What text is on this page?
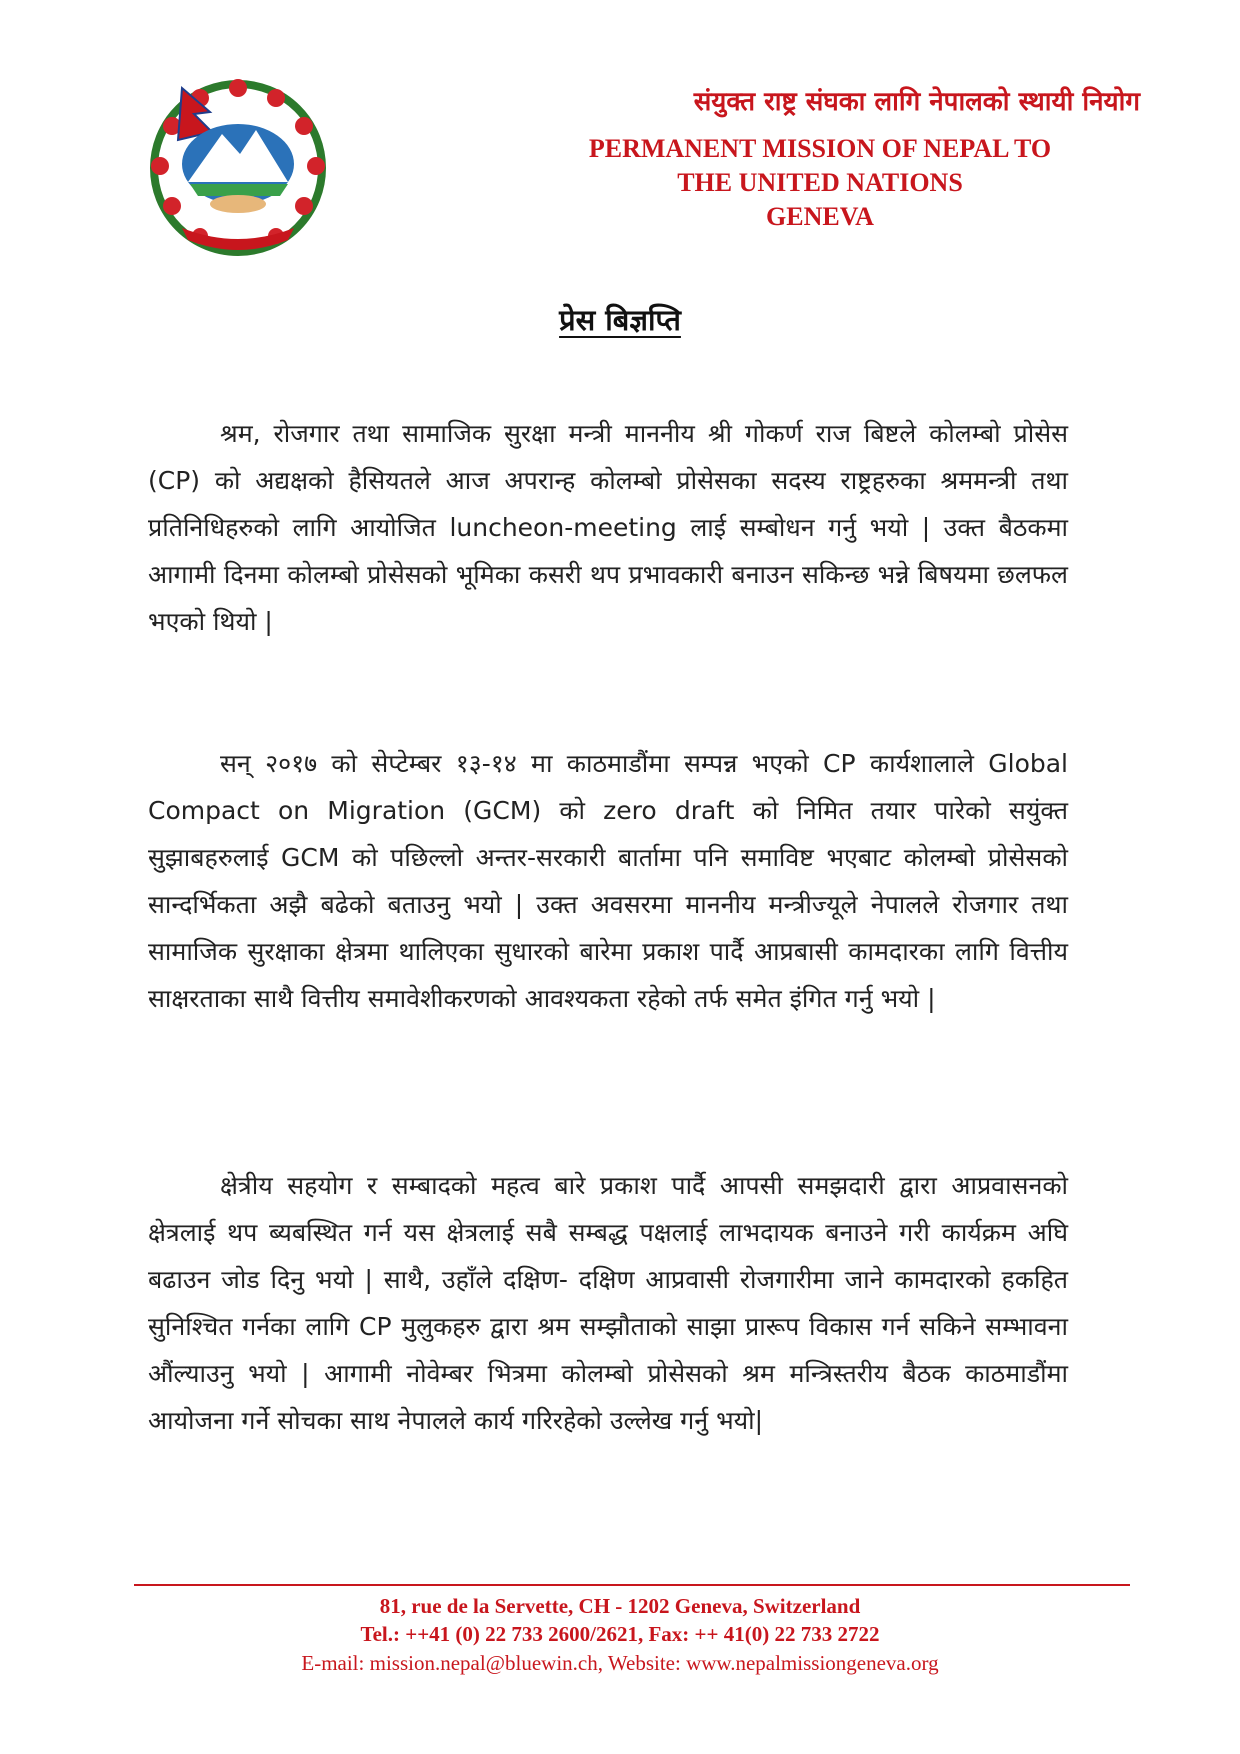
संयुक्त राष्ट्र संघका लागि नेपालको स्थायी नियोग
PERMANENT MISSION OF NEPAL TO
THE UNITED NATIONS
GENEVA
प्रेस बिज्ञप्ति

श्रम, रोजगार तथा सामाजिक सुरक्षा मन्त्री माननीय श्री गोकर्ण राज बिष्टले कोलम्बो प्रोसेस (CP) को अद्यक्षको हैसियतले आज अपरान्ह कोलम्बो प्रोसेसका सदस्य राष्ट्रहरुका श्रममन्त्री तथा प्रतिनिधिहरुको लागि आयोजित luncheon-meeting लाई सम्बोधन गर्नु भयो | उक्त बैठकमा आगामी दिनमा कोलम्बो प्रोसेसको भूमिका कसरी थप प्रभावकारी बनाउन सकिन्छ भन्ने बिषयमा छलफल भएको थियो |

सन् २०१७ को सेप्टेम्बर १३-१४ मा काठमाडौंमा सम्पन्न भएको CP कार्यशालाले Global Compact on Migration (GCM) को zero draft को निमित तयार पारेको सयुंक्त सुझाबहरुलाई GCM को पछिल्लो अन्तर-सरकारी बार्तामा पनि समाविष्ट भएबाट कोलम्बो प्रोसेसको सान्दर्भिकता अझै बढेको बताउनु भयो | उक्त अवसरमा माननीय मन्त्रीज्यूले नेपालले रोजगार तथा सामाजिक सुरक्षाका क्षेत्रमा थालिएका सुधारको बारेमा प्रकाश पार्दै आप्रबासी कामदारका लागि वित्तीय साक्षरताका साथै वित्तीय समावेशीकरणको आवश्यकता रहेको तर्फ समेत इंगित गर्नु भयो |

क्षेत्रीय सहयोग र सम्बादको महत्व बारे प्रकाश पार्दै आपसी समझदारी द्वारा आप्रवासनको क्षेत्रलाई थप ब्यबस्थित गर्न यस क्षेत्रलाई सबै सम्बद्ध पक्षलाई लाभदायक बनाउने गरी कार्यक्रम अघि बढाउन जोड दिनु भयो | साथै, उहाँले दक्षिण- दक्षिण आप्रवासी रोजगारीमा जाने कामदारको हकहित सुनिश्चित गर्नका लागि CP मुलुकहरु द्वारा श्रम सम्झौताको साझा प्रारूप विकास गर्न सकिने सम्भावना औंल्याउनु भयो | आगामी नोवेम्बर भित्रमा कोलम्बो प्रोसेसको श्रम मन्त्रिस्तरीय बैठक काठमाडौंमा आयोजना गर्ने सोचका साथ नेपालले कार्य गरिरहेको उल्लेख गर्नु भयो|

81, rue de la Servette, CH - 1202 Geneva, Switzerland
Tel.: ++41 (0) 22 733 2600/2621, Fax: ++ 41(0) 22 733 2722
E-mail: mission.nepal@bluewin.ch, Website: www.nepalmissiongeneva.org
